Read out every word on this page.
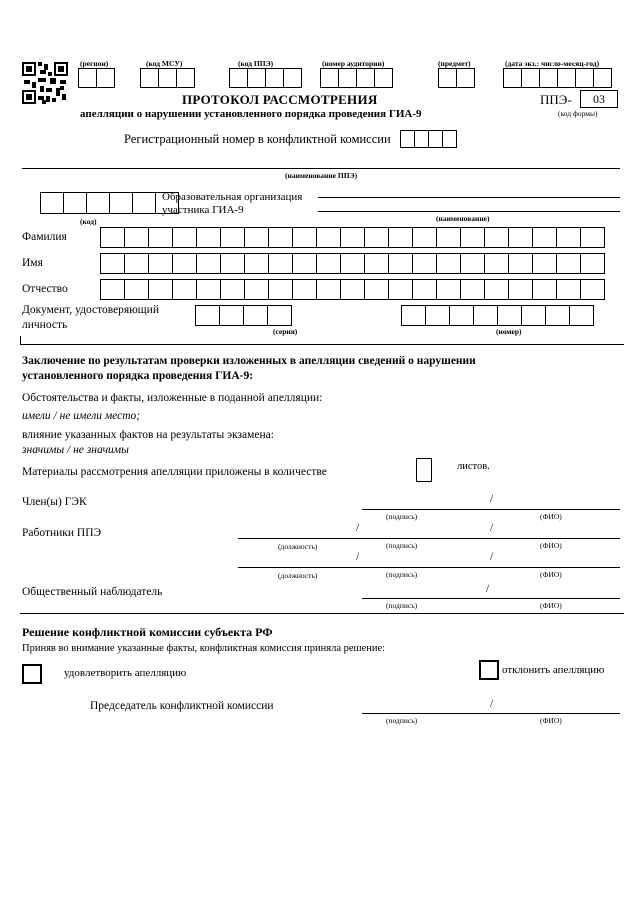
(регион)	(код МСУ)	(код ППЭ)	(номер аудитории)	(предмет)	(дата экз.: число-месяц-год)
ПРОТОКОЛ РАССМОТРЕНИЯ
апелляции о нарушении установленного порядка проведения ГИА-9
ППЭ-	03
(код формы)
Регистрационный номер в конфликтной комиссии
(наименование ППЭ)
Образовательная организация
участника ГИА-9
(код)	(наименование)
Фамилия
Имя
Отчество
Документ, удостоверяющий
личность
(серия)	(номер)
Заключение по результатам проверки изложенных в апелляции сведений о нарушении
установленного порядка проведения ГИА-9:
Обстоятельства и факты, изложенные в поданной апелляции:
имели / не имели место;
влияние указанных фактов на результаты экзамена:
значимы / не значимы
Материалы рассмотрения апелляции приложены в количестве	листов.
Член(ы) ГЭК	/
(подпись)	(ФИО)
Работники ППЭ	/	/
(должность)	(подпись)	(ФИО)
/	/
(должность)	(подпись)	(ФИО)
Общественный наблюдатель	/
(подпись)	(ФИО)
Решение конфликтной комиссии субъекта РФ
Приняв во внимание указанные факты, конфликтная комиссия приняла решение:
удовлетворить апелляцию	отклонить апелляцию
Председатель конфликтной комиссии	/
(подпись)	(ФИО)
